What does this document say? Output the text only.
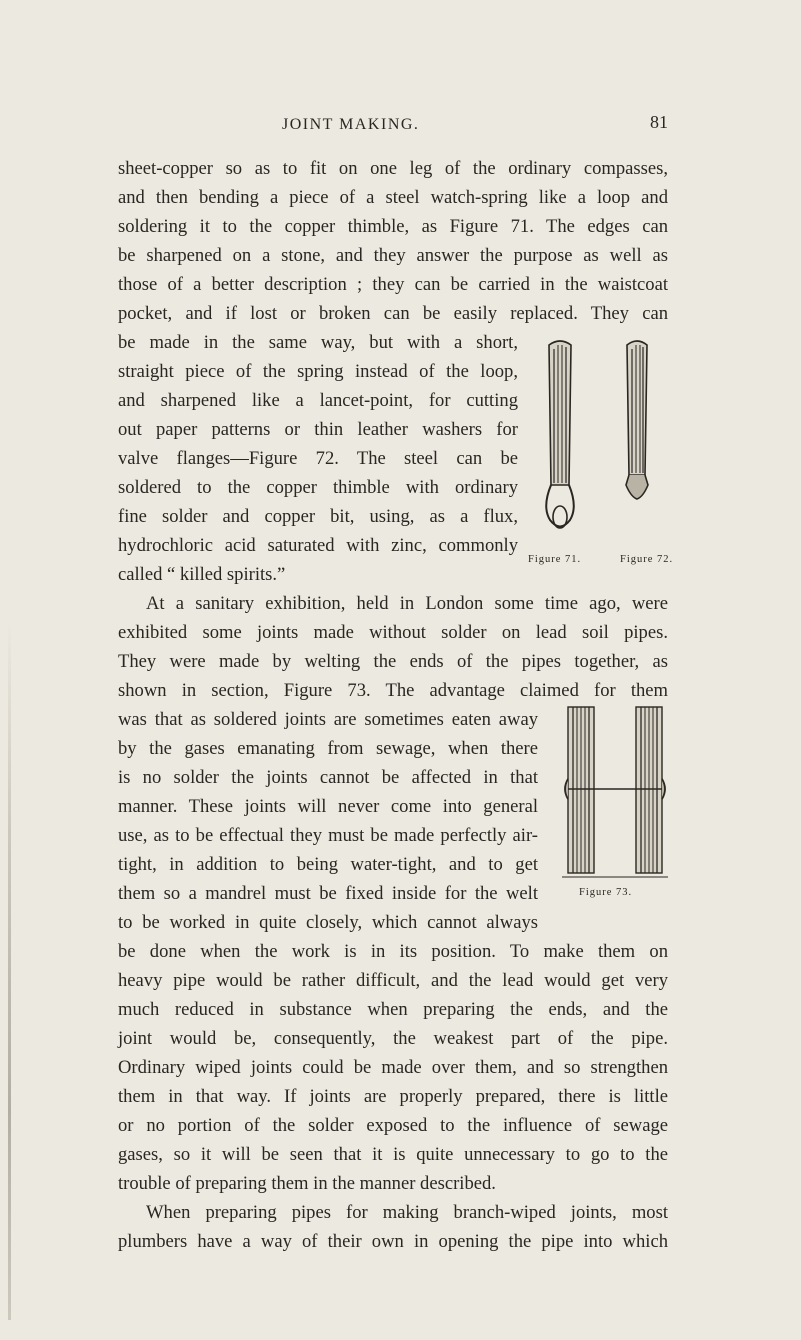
JOINT MAKING.	81
sheet-copper so as to fit on one leg of the ordinary compasses,
and then bending a piece of a steel watch-spring like a loop and
soldering it to the copper thimble, as Figure 71. The edges can
be sharpened on a stone, and they answer the purpose as well as
those of a better description ; they can be carried in the waistcoat
pocket, and if lost or broken can be easily replaced. They can
be made in the same way, but with a short,
straight piece of the spring instead of the loop,
and sharpened like a lancet-point, for cutting
out paper patterns or thin leather washers for
valve flanges—Figure 72. The steel can be
soldered to the copper thimble with ordinary
fine solder and copper bit, using, as a flux,
hydrochloric acid saturated with zinc, commonly
called “ killed spirits.”
Figure 71.	Figure 72.
At a sanitary exhibition, held in London some time ago, were
exhibited some joints made without solder on lead soil pipes.
They were made by welting the ends of the pipes together, as
shown in section, Figure 73. The advantage claimed for them
was that as soldered joints are sometimes eaten away
by the gases emanating from sewage, when there
is no solder the joints cannot be affected in that
manner. These joints will never come into general
use, as to be effectual they must be made perfectly air-
tight, in addition to being water-tight, and to get
them so a mandrel must be fixed inside for the welt
to be worked in quite closely, which cannot always
be done when the work is in its position. To make them on
heavy pipe would be rather difficult, and the lead would get very
much reduced in substance when preparing the ends, and the
joint would be, consequently, the weakest part of the pipe.
Ordinary wiped joints could be made over them, and so strengthen
them in that way. If joints are properly prepared, there is little
or no portion of the solder exposed to the influence of sewage
gases, so it will be seen that it is quite unnecessary to go to the
trouble of preparing them in the manner described.
Figure 73.
When preparing pipes for making branch-wiped joints, most
plumbers have a way of their own in opening the pipe into which
